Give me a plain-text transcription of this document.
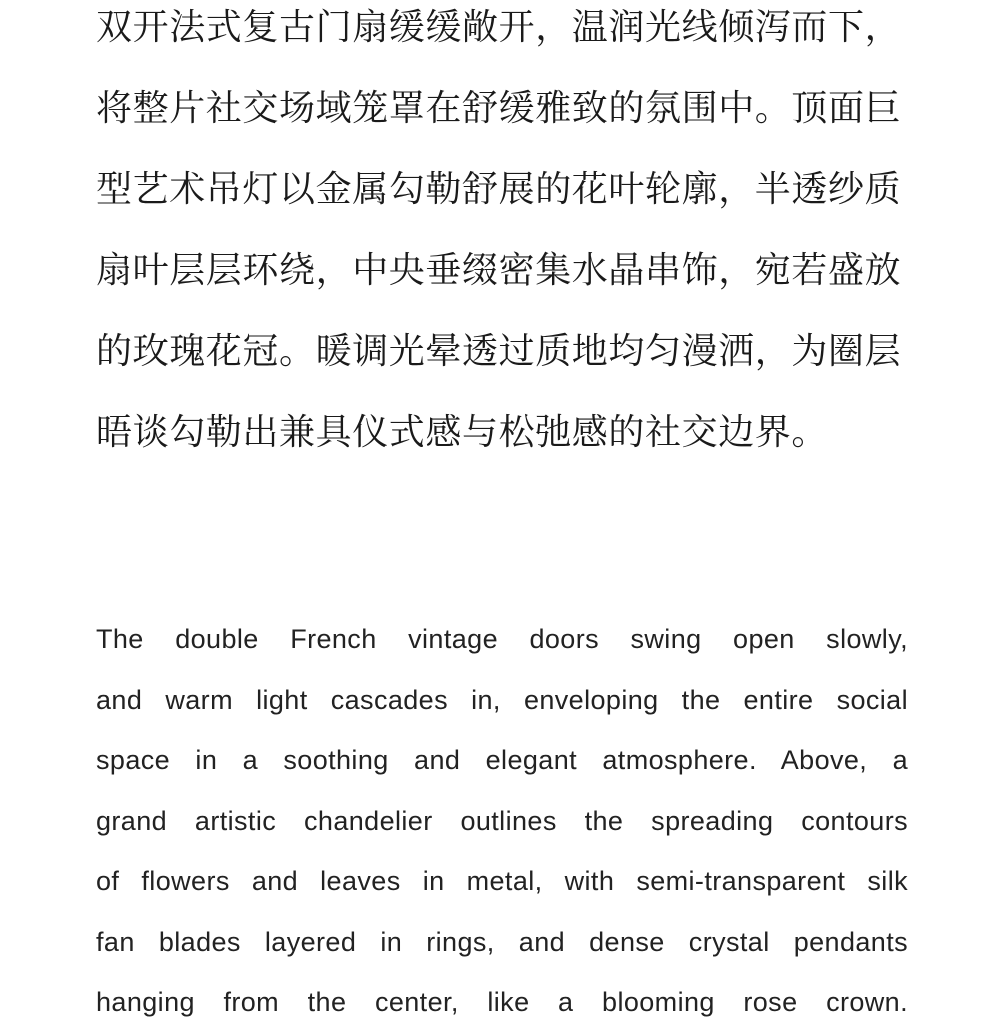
双开法式复古门扇缓缓敞开，温润光线倾泻而下，
将整片社交场域笼罩在舒缓雅致的氛围中。顶面巨
型艺术吊灯以金属勾勒舒展的花叶轮廓，半透纱质
扇叶层层环绕，中央垂缀密集水晶串饰，宛若盛放
的玫瑰花冠。暖调光晕透过质地均匀漫洒，为圈层
晤谈勾勒出兼具仪式感与松弛感的社交边界。
The double French vintage doors swing open slowly,
and warm light cascades in, enveloping the entire social
space in a soothing and elegant atmosphere. Above, a
grand artistic chandelier outlines the spreading contours
of flowers and leaves in metal, with semi-transparent silk
fan blades layered in rings, and dense crystal pendants
hanging from the center, like a blooming rose crown.
